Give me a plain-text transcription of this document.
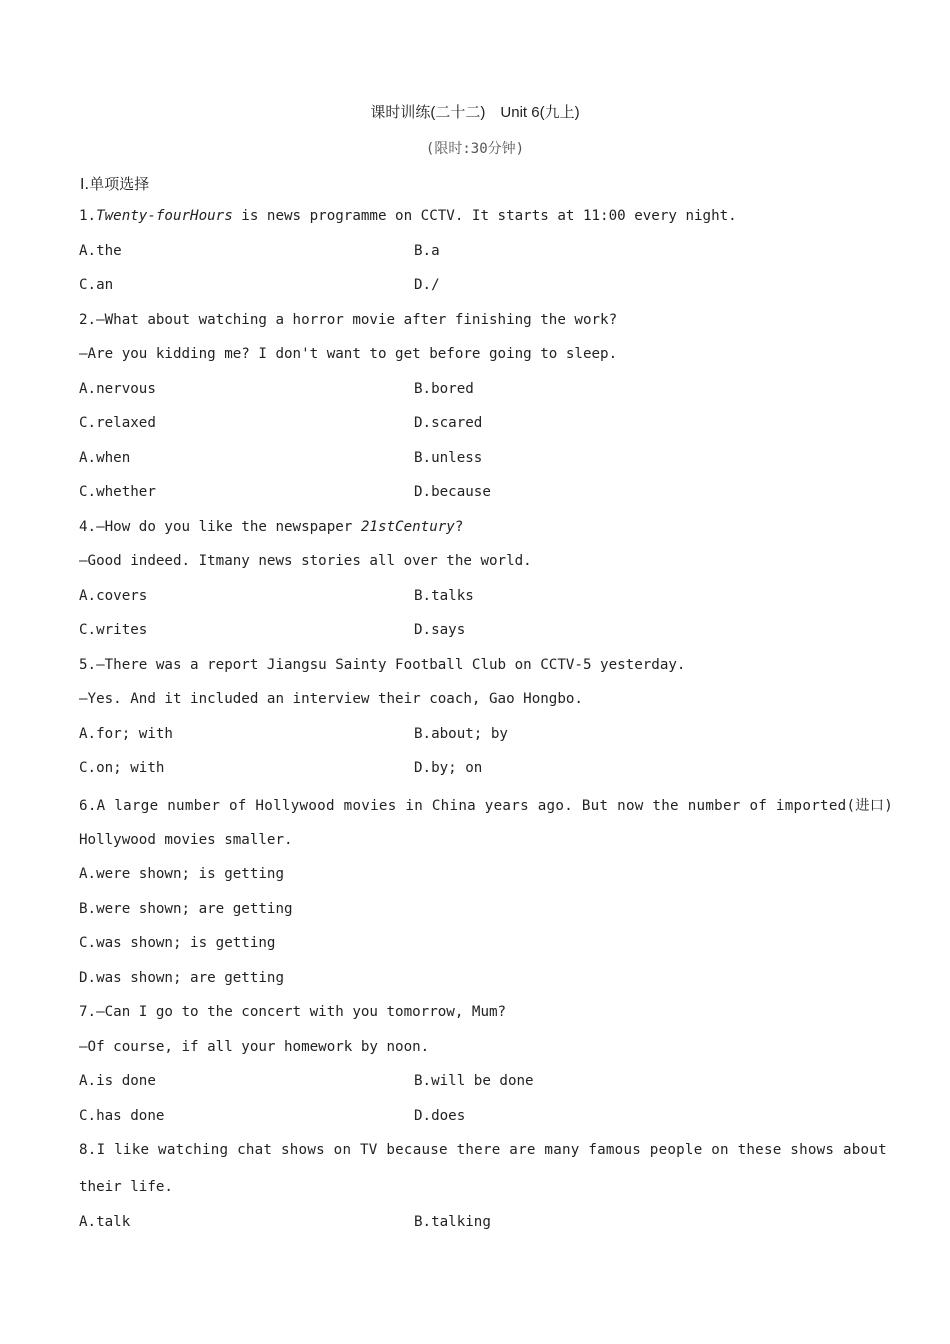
课时训练(二十二)　Unit 6(九上)
(限时:30分钟)
Ⅰ.单项选择
1.Twenty-fourHours is news programme on CCTV. It starts at 11:00 every night.
A.the	B.a
C.an	D./
2.—What about watching a horror movie after finishing the work?
—Are you kidding me? I don't want to get before going to sleep.
A.nervous	B.bored
C.relaxed	D.scared
A.when	B.unless
C.whether	D.because
4.—How do you like the newspaper 21stCentury?
—Good indeed. Itmany news stories all over the world.
A.covers	B.talks
C.writes	D.says
5.—There was a report Jiangsu Sainty Football Club on CCTV-5 yesterday.
—Yes. And it included an interview their coach, Gao Hongbo.
A.for; with	B.about; by
C.on; with	D.by; on
6.A large number of Hollywood movies in China years ago. But now the number of imported(进口)
Hollywood movies smaller.
A.were shown; is getting
B.were shown; are getting
C.was shown; is getting
D.was shown; are getting
7.—Can I go to the concert with you tomorrow, Mum?
—Of course, if all your homework by noon.
A.is done	B.will be done
C.has done	D.does
8.I like watching chat shows on TV because there are many famous people on these shows about
their life.
A.talk	B.talking
